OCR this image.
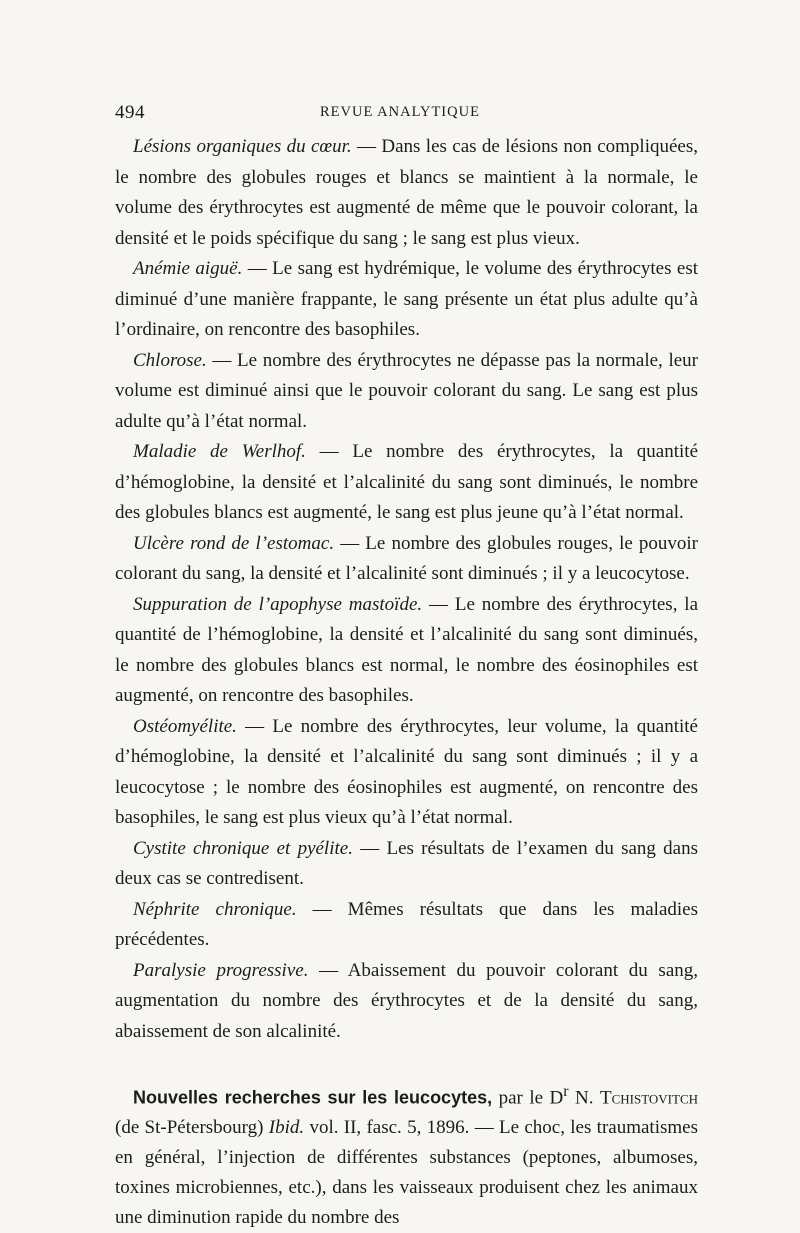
494	REVUE ANALYTIQUE

Lésions organiques du cœur. — Dans les cas de lésions non compliquées, le nombre des globules rouges et blancs se maintient à la normale, le volume des érythrocytes est augmenté de même que le pouvoir colorant, la densité et le poids spécifique du sang ; le sang est plus vieux.

Anémie aiguë. — Le sang est hydrémique, le volume des érythrocytes est diminué d’une manière frappante, le sang présente un état plus adulte qu’à l’ordinaire, on rencontre des basophiles.

Chlorose. — Le nombre des érythrocytes ne dépasse pas la normale, leur volume est diminué ainsi que le pouvoir colorant du sang. Le sang est plus adulte qu’à l’état normal.

Maladie de Werlhof. — Le nombre des érythrocytes, la quantité d’hémoglobine, la densité et l’alcalinité du sang sont diminués, le nombre des globules blancs est augmenté, le sang est plus jeune qu’à l’état normal.

Ulcère rond de l’estomac. — Le nombre des globules rouges, le pouvoir colorant du sang, la densité et l’alcalinité sont diminués ; il y a leucocytose.

Suppuration de l’apophyse mastoïde. — Le nombre des érythrocytes, la quantité de l’hémoglobine, la densité et l’alcalinité du sang sont diminués, le nombre des globules blancs est normal, le nombre des éosinophiles est augmenté, on rencontre des basophiles.

Ostéomyélite. — Le nombre des érythrocytes, leur volume, la quantité d’hémoglobine, la densité et l’alcalinité du sang sont diminués ; il y a leucocytose ; le nombre des éosinophiles est augmenté, on rencontre des basophiles, le sang est plus vieux qu’à l’état normal.

Cystite chronique et pyélite. — Les résultats de l’examen du sang dans deux cas se contredisent.

Néphrite chronique. — Mêmes résultats que dans les maladies précédentes.

Paralysie progressive. — Abaissement du pouvoir colorant du sang, augmentation du nombre des érythrocytes et de la densité du sang, abaissement de son alcalinité.

Nouvelles recherches sur les leucocytes, par le $D^r$ N. Tchistovitch (de St-Pétersbourg) Ibid. vol. II, fasc. 5, 1896. — Le choc, les traumatismes en général, l’injection de différentes substances (peptones, albumoses, toxines microbiennes, etc.), dans les vaisseaux produisent chez les animaux une diminution rapide du nombre des
